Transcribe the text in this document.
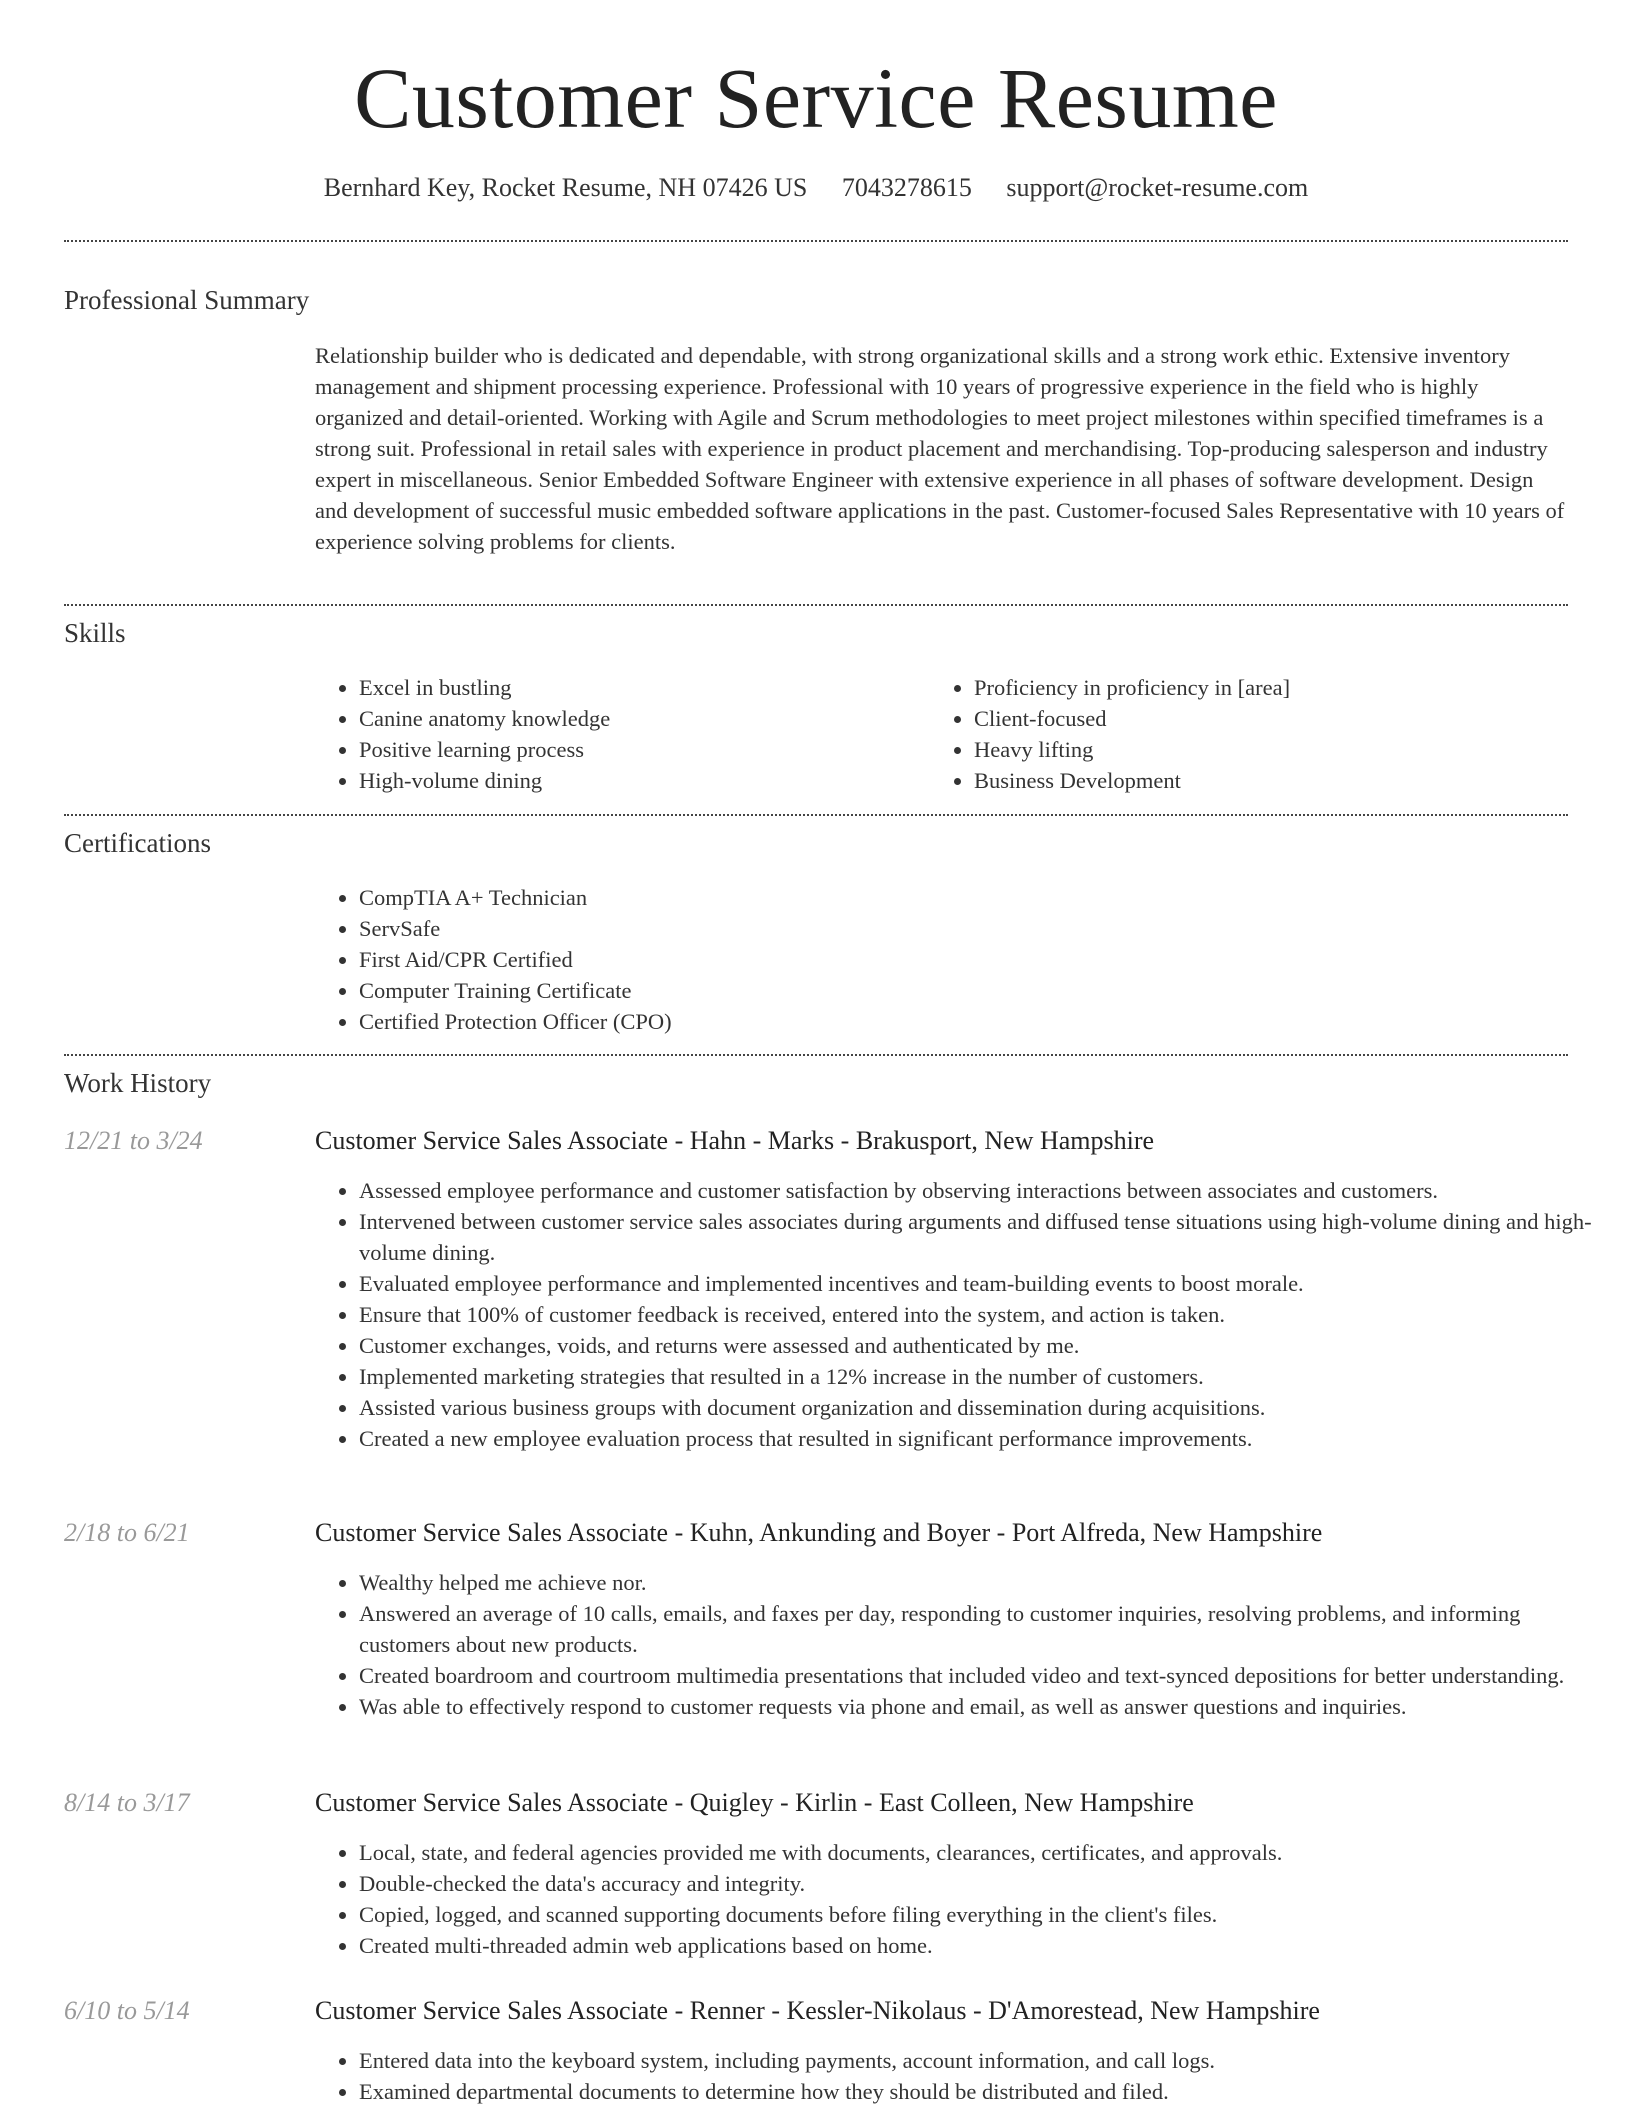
Customer Service Resume
Bernhard Key, Rocket Resume, NH 07426 US 7043278615 support@rocket-resume.com
Professional Summary
Relationship builder who is dedicated and dependable, with strong organizational skills and a strong work ethic. Extensive inventory management and shipment processing experience. Professional with 10 years of progressive experience in the field who is highly organized and detail-oriented. Working with Agile and Scrum methodologies to meet project milestones within specified timeframes is a strong suit. Professional in retail sales with experience in product placement and merchandising. Top-producing salesperson and industry expert in miscellaneous. Senior Embedded Software Engineer with extensive experience in all phases of software development. Design and development of successful music embedded software applications in the past. Customer-focused Sales Representative with 10 years of experience solving problems for clients.
Skills
• Excel in bustling
• Canine anatomy knowledge
• Positive learning process
• High-volume dining
• Proficiency in proficiency in [area]
• Client-focused
• Heavy lifting
• Business Development
Certifications
• CompTIA A+ Technician
• ServSafe
• First Aid/CPR Certified
• Computer Training Certificate
• Certified Protection Officer (CPO)
Work History
12/21 to 3/24	Customer Service Sales Associate - Hahn - Marks - Brakusport, New Hampshire
• Assessed employee performance and customer satisfaction by observing interactions between associates and customers.
• Intervened between customer service sales associates during arguments and diffused tense situations using high-volume dining and high-volume dining.
• Evaluated employee performance and implemented incentives and team-building events to boost morale.
• Ensure that 100% of customer feedback is received, entered into the system, and action is taken.
• Customer exchanges, voids, and returns were assessed and authenticated by me.
• Implemented marketing strategies that resulted in a 12% increase in the number of customers.
• Assisted various business groups with document organization and dissemination during acquisitions.
• Created a new employee evaluation process that resulted in significant performance improvements.
2/18 to 6/21	Customer Service Sales Associate - Kuhn, Ankunding and Boyer - Port Alfreda, New Hampshire
• Wealthy helped me achieve nor.
• Answered an average of 10 calls, emails, and faxes per day, responding to customer inquiries, resolving problems, and informing customers about new products.
• Created boardroom and courtroom multimedia presentations that included video and text-synced depositions for better understanding.
• Was able to effectively respond to customer requests via phone and email, as well as answer questions and inquiries.
8/14 to 3/17	Customer Service Sales Associate - Quigley - Kirlin - East Colleen, New Hampshire
• Local, state, and federal agencies provided me with documents, clearances, certificates, and approvals.
• Double-checked the data's accuracy and integrity.
• Copied, logged, and scanned supporting documents before filing everything in the client's files.
• Created multi-threaded admin web applications based on home.
6/10 to 5/14	Customer Service Sales Associate - Renner - Kessler-Nikolaus - D'Amorestead, New Hampshire
• Entered data into the keyboard system, including payments, account information, and call logs.
• Examined departmental documents to determine how they should be distributed and filed.
